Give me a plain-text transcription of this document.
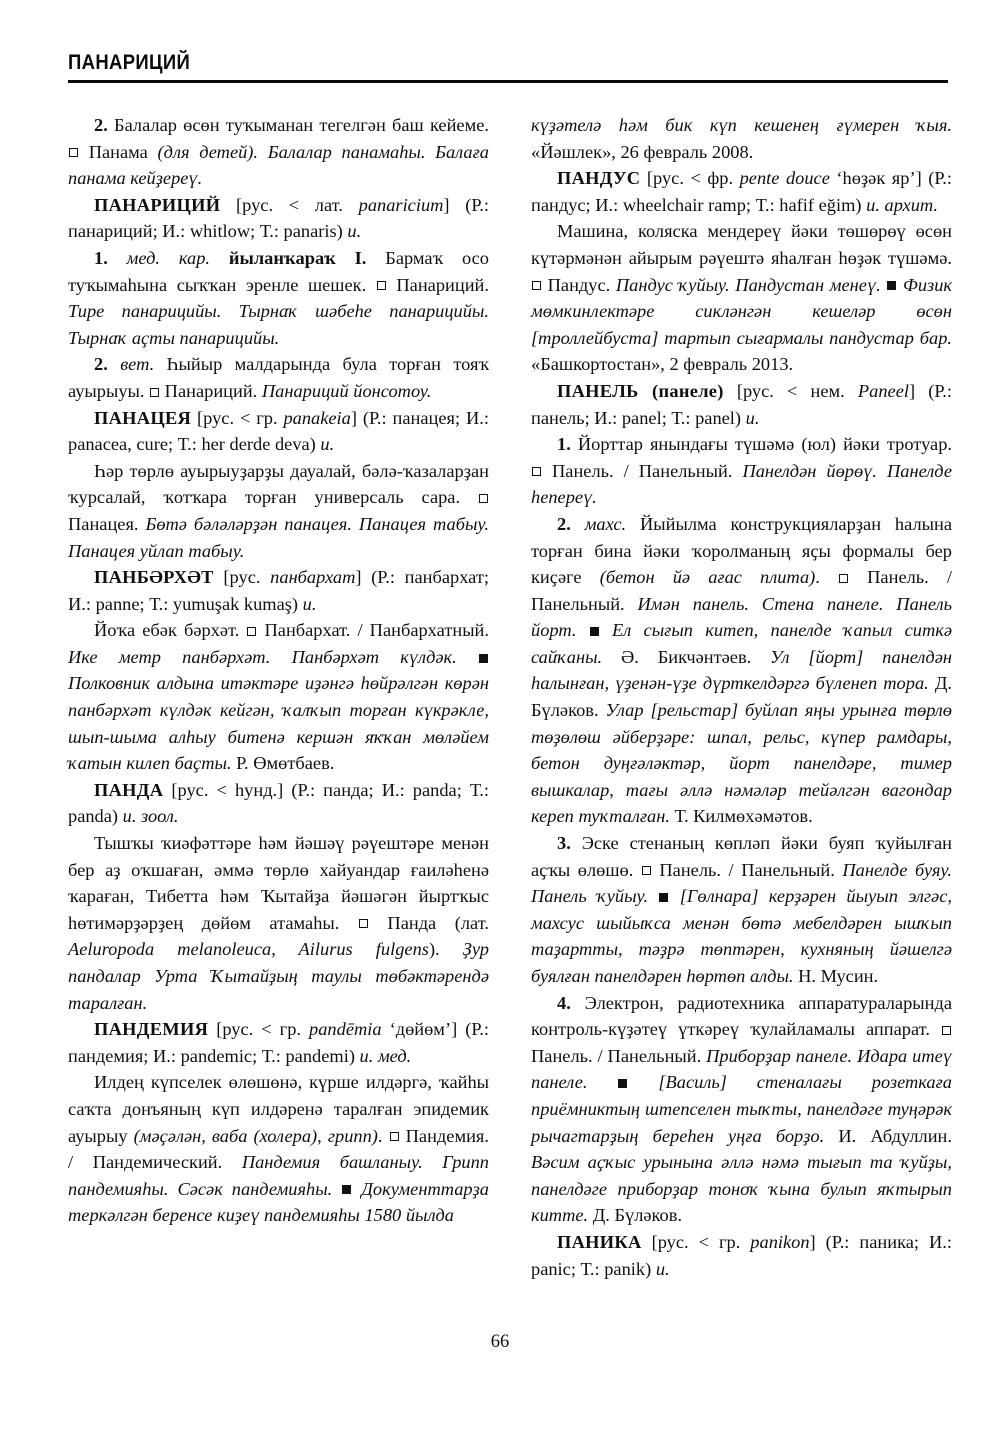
ПАНАРИЦИЙ

2. Балалар өсөн туҡыманан тегелгән баш кейеме.  Панама (для детей). Балалар панамаһы. Балаға панама кейҙереү.

ПАНАРИЦИЙ [рус. < лат. panaricium] (Р.: панариций; И.: whitlow; Т.: panaris) и.

1. мед. кар. йыланҡараҡ I. Бармаҡ осо туҡымаһына сыҡҡан эренле шешек.  Панариций. Тире панарицийы. Тырнаҡ шәбеһе панарицийы. Тырнаҡ аҫты панарицийы.

2. вет. Һыйыр малдарында була торған тояҡ ауырыуы.  Панариций. Панариций йонсотоу.

ПАНАЦЕЯ [рус. < гр. panakeia] (Р.: панацея; И.: panacea, cure; Т.: her derde deva) и.

Һәр төрлө ауырыуҙарҙы дауалай, бәлә-ҡазаларҙан ҡурсалай, ҡотҡара торған универсаль сара.  Панацея. Бөтә бәләләрҙән панацея. Панацея табыу. Панацея уйлап табыу.

ПАНБӘРХӘТ [рус. панбархат] (Р.: панбархат; И.: panne; Т.: yumuşak kumaş) и.

Йоҡа ебәк бәрхәт.  Панбархат. / Панбархатный. Ике метр панбәрхәт. Панбәрхәт күлдәк.  Полковник алдына итәктәре иҙәнгә һөйрәлгән көрән панбәрхәт күлдәк кейгән, ҡалҡып торған күкрәкле, шып-шыма алһыу битенә кершән яҡҡан мөләйем ҡатын килеп баҫты. Р. Өмөтбаев.

ПАНДА [рус. < һунд.] (Р.: панда; И.: panda; Т.: panda) и. зоол.

Тышҡы ҡиәфәттәре һәм йәшәү рәүештәре менән бер аҙ оҡшаған, әммә төрлө хайуандар ғаиләһенә ҡараған, Тибетта һәм Ҡытайҙа йәшәгән йыртҡыс һөтимәрҙәрҙең дөйөм атамаһы.  Панда (лат. Aeluropoda melanoleuca, Ailurus fulgens). Ҙур пандалар Урта Ҡытайҙың таулы төбәктәрендә таралған.

ПАНДЕМИЯ [рус. < гр. pandēmia ‘дөйөм’] (Р.: пандемия; И.: pandemic; Т.: pandemi) и. мед.

Илдең күпселек өлөшөнә, күрше илдәргә, ҡайһы саҡта донъяның күп илдәренә таралған эпидемик ауырыу (мәҫәлән, ваба (холера), грипп).  Пандемия. / Пандемический. Пандемия башланыу. Грипп пандемияһы. Сәсәк пандемияһы.  Документтарҙа теркәлгән беренсе киҙеү пандемияһы 1580 йылда

күҙәтелә һәм бик күп кешенең ғүмерен ҡыя. «Йәшлек», 26 февраль 2008.

ПАНДУС [рус. < фр. pente douce ‘һөҙәк яр’] (Р.: пандус; И.: wheelchair ramp; Т.: hafif eğim) и. архит.

Машина, коляска мендереү йәки төшөрөү өсөн күтәрмәнән айырым рәүештә яһалған һөҙәк түшәмә.  Пандус. Пандус ҡуйыу. Пандустан менеү.  Физик мөмкинлектәре сикләнгән кешеләр өсөн [троллейбуста] тартып сығармалы пандустар бар. «Башкортостан», 2 февраль 2013.

ПАНЕЛЬ (панеле) [рус. < нем. Paneel] (Р.: панель; И.: panel; Т.: panel) и.

1. Йорттар янындағы түшәмә (юл) йәки тротуар.  Панель. / Панельный. Панелдән йөрөү. Панелде һеперeү.

2. махс. Йыйылма конструкцияларҙан һалына торған бина йәки ҡоролманың яҫы формалы бер киҫәге (бетон йә ағас плита).  Панель. / Панельный. Имән панель. Стена панеле. Панель йорт.  Ел сығып китеп, панелде ҡапыл ситкә сайҡаны. Ә. Бикчәнтәев. Ул [йорт] панелдән һалынған, үҙенән-үҙе дүрткелдәргә бүленеп тора. Д. Бүләков. Улар [рельстар] буйлап яңы урынға төрлө төҙөлөш әйберҙәре: шпал, рельс, күпер рамдары, бетон дуңғәләктәр, йорт панелдәре, тимер вышкалар, тағы әллә нәмәләр тейәлгән вагондар кереп туҡталған. Т. Килмөхәмәтов.

3. Эске стенаның көпләп йәки буяп ҡуйылған аҫҡы өлөшө.  Панель. / Панельный. Панелде буяу. Панель ҡуйыу.  [Гөлнара] керҙәрен йыуып элгәс, махсус шыйыҡса менән бөтә мебелдәрен ышҡып таҙартты, тәҙрә төптәрен, кухняның йәшелгә буялған панелдәрен һөртөп алды. Н. Мусин.

4. Электрон, радиотехника аппаратураларында контроль-күҙәтеү үткәреү ҡулайламалы аппарат.  Панель. / Панельный. Приборҙар панеле. Идара итеү панеле.  [Василь] стеналағы розеткаға приёмниктың штепселен тыҡты, панелдәге туңәрәк рычагтарҙың береһен уңға борҙо. И. Абдуллин. Вәсим аҫҡыс урынына әллә нәмә тығып та ҡуйҙы, панелдәге приборҙар тоноҡ ҡына булып яҡтырып китте. Д. Бүләков.

ПАНИКА [рус. < гр. panikon] (Р.: паника; И.: panic; Т.: panik) и.

66
